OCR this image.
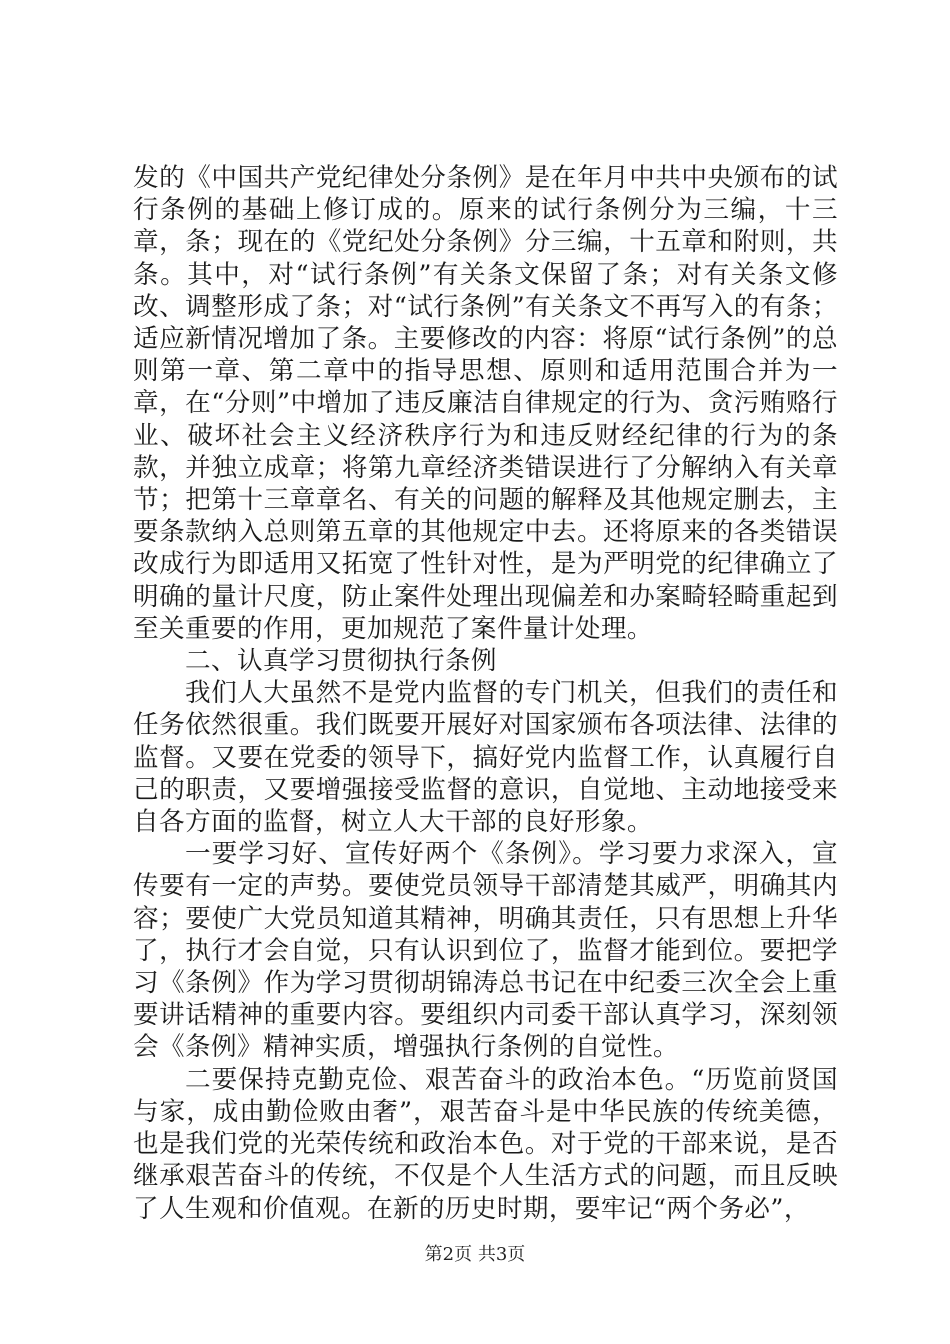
发的《中国共产党纪律处分条例》是在年月中共中央颁布的试行条例的基础上修订成的。原来的试行条例分为三编，十三章，条；现在的《党纪处分条例》分三编，十五章和附则，共条。其中，对“试行条例”有关条文保留了条；对有关条文修改、调整形成了条；对“试行条例”有关条文不再写入的有条；适应新情况增加了条。主要修改的内容：将原“试行条例”的总则第一章、第二章中的指导思想、原则和适用范围合并为一章，在“分则”中增加了违反廉洁自律规定的行为、贪污贿赂行业、破坏社会主义经济秩序行为和违反财经纪律的行为的条款，并独立成章；将第九章经济类错误进行了分解纳入有关章节；把第十三章章名、有关的问题的解释及其他规定删去，主要条款纳入总则第五章的其他规定中去。还将原来的各类错误改成行为即适用又拓宽了性针对性，是为严明党的纪律确立了明确的量计尺度，防止案件处理出现偏差和办案畸轻畸重起到至关重要的作用，更加规范了案件量计处理。

二、认真学习贯彻执行条例

我们人大虽然不是党内监督的专门机关，但我们的责任和任务依然很重。我们既要开展好对国家颁布各项法律、法律的监督。又要在党委的领导下，搞好党内监督工作，认真履行自己的职责，又要增强接受监督的意识，自觉地、主动地接受来自各方面的监督，树立人大干部的良好形象。

一要学习好、宣传好两个《条例》。学习要力求深入，宣传要有一定的声势。要使党员领导干部清楚其威严，明确其内容；要使广大党员知道其精神，明确其责任，只有思想上升华了，执行才会自觉，只有认识到位了，监督才能到位。要把学习《条例》作为学习贯彻胡锦涛总书记在中纪委三次全会上重要讲话精神的重要内容。要组织内司委干部认真学习，深刻领会《条例》精神实质，增强执行条例的自觉性。

二要保持克勤克俭、艰苦奋斗的政治本色。“历览前贤国与家，成由勤俭败由奢”，艰苦奋斗是中华民族的传统美德，也是我们党的光荣传统和政治本色。对于党的干部来说，是否继承艰苦奋斗的传统，不仅是个人生活方式的问题，而且反映了人生观和价值观。在新的历史时期，要牢记“两个务必”，

第2页 共3页
